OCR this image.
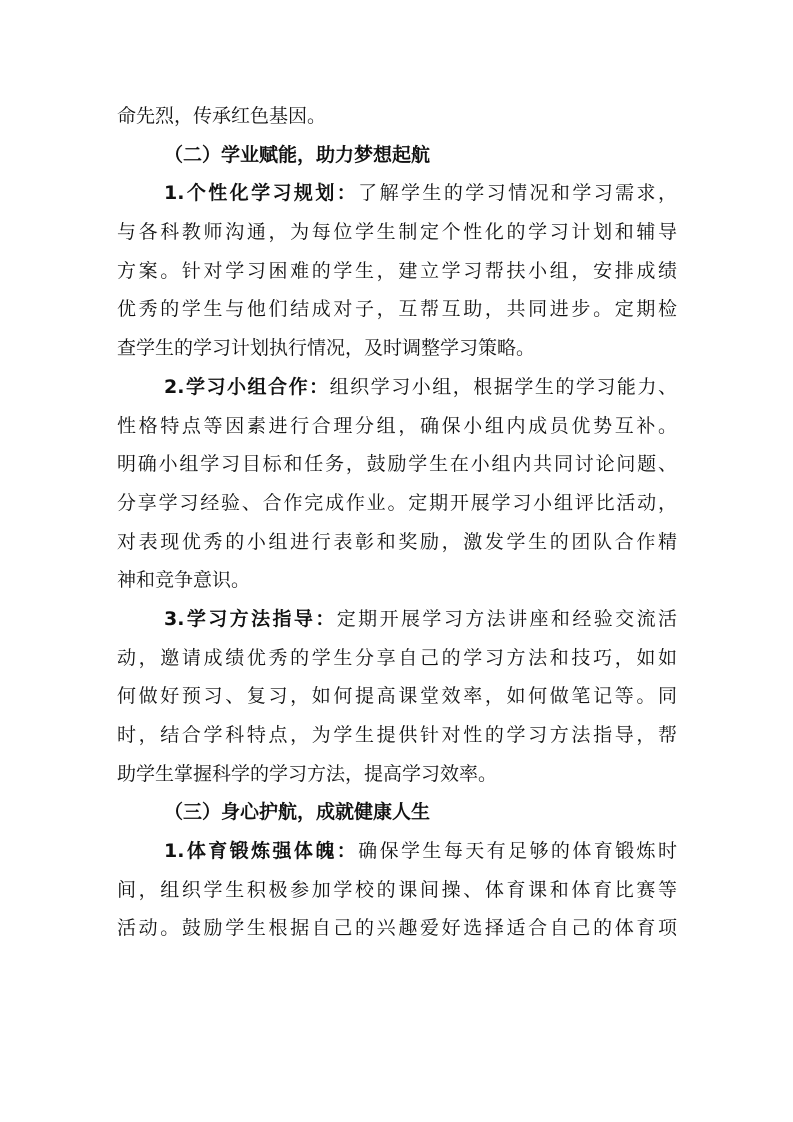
命先烈，传承红色基因。
（二）学业赋能，助力梦想起航
1.个性化学习规划：了解学生的学习情况和学习需求，
与各科教师沟通，为每位学生制定个性化的学习计划和辅导
方案。针对学习困难的学生，建立学习帮扶小组，安排成绩
优秀的学生与他们结成对子，互帮互助，共同进步。定期检
查学生的学习计划执行情况，及时调整学习策略。
2.学习小组合作：组织学习小组，根据学生的学习能力、
性格特点等因素进行合理分组，确保小组内成员优势互补。
明确小组学习目标和任务，鼓励学生在小组内共同讨论问题、
分享学习经验、合作完成作业。定期开展学习小组评比活动，
对表现优秀的小组进行表彰和奖励，激发学生的团队合作精
神和竞争意识。
3.学习方法指导：定期开展学习方法讲座和经验交流活
动，邀请成绩优秀的学生分享自己的学习方法和技巧，如如
何做好预习、复习，如何提高课堂效率，如何做笔记等。同
时，结合学科特点，为学生提供针对性的学习方法指导，帮
助学生掌握科学的学习方法，提高学习效率。
（三）身心护航，成就健康人生
1.体育锻炼强体魄：确保学生每天有足够的体育锻炼时
间，组织学生积极参加学校的课间操、体育课和体育比赛等
活动。鼓励学生根据自己的兴趣爱好选择适合自己的体育项
